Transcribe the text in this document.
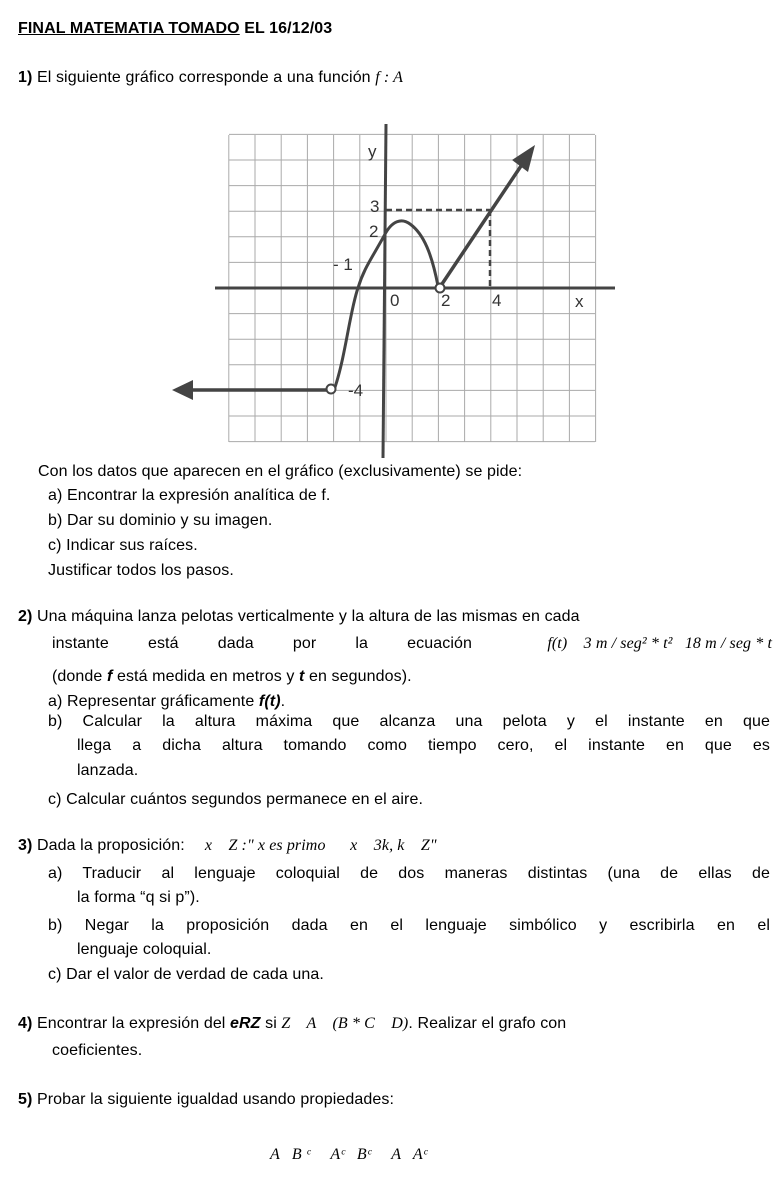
FINAL MATEMATIA TOMADO EL 16/12/03
1) El siguiente gráfico corresponde a una función f : A
y
x
3
2
- 1
0 2 4
-4
Con los datos que aparecen en el gráfico (exclusivamente) se pide:
a) Encontrar la expresión analítica de f.
b) Dar su dominio y su imagen.
c) Indicar sus raíces.
Justificar todos los pasos.
2) Una máquina lanza pelotas verticalmente y la altura de las mismas en cada
instante está dada por la ecuación	f(t)    3 m / seg² * t²   18 m / seg * t
(donde f está medida en metros y t en segundos).
a) Representar gráficamente f(t).
b) Calcular la altura máxima que alcanza una pelota y el instante en que
llega a dicha altura tomando como tiempo cero, el instante en que es
lanzada.
c) Calcular cuántos segundos permanece en el aire.
3) Dada la proposición: x    Z :" x es primo      x    3k, k    Z"
a) Traducir al lenguaje coloquial de dos maneras distintas (una de ellas de
la forma “q si p”).
b) Negar la proposición dada en el lenguaje simbólico y escribirla en el
lenguaje coloquial.
c) Dar el valor de verdad de cada una.
4) Encontrar la expresión del eRZ si Z    A    (B * C    D). Realizar el grafo con
coeficientes.
5) Probar la siguiente igualdad usando propiedades:
A   B ᶜ     Aᶜ   Bᶜ     A   Aᶜ
